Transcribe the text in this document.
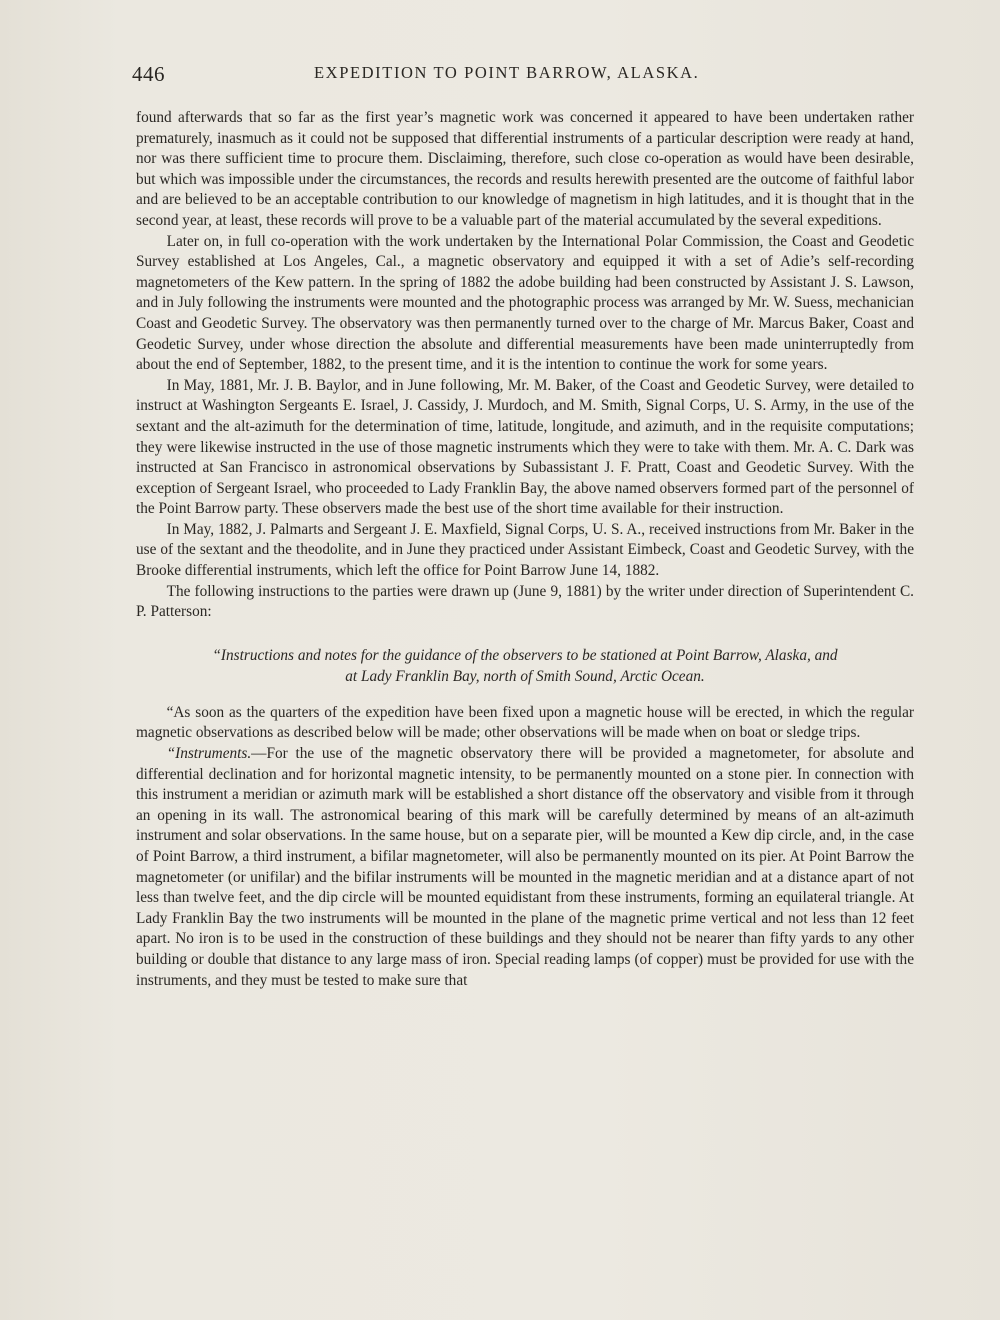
446	EXPEDITION TO POINT BARROW, ALASKA.

found afterwards that so far as the first year’s magnetic work was concerned it appeared to have been undertaken rather prematurely, inasmuch as it could not be supposed that differential instruments of a particular description were ready at hand, nor was there sufficient time to procure them. Disclaiming, therefore, such close co-operation as would have been desirable, but which was impossible under the circumstances, the records and results herewith presented are the outcome of faithful labor and are believed to be an acceptable contribution to our knowledge of magnetism in high latitudes, and it is thought that in the second year, at least, these records will prove to be a valuable part of the material accumulated by the several expeditions.

Later on, in full co-operation with the work undertaken by the International Polar Commission, the Coast and Geodetic Survey established at Los Angeles, Cal., a magnetic observatory and equipped it with a set of Adie’s self-recording magnetometers of the Kew pattern. In the spring of 1882 the adobe building had been constructed by Assistant J. S. Lawson, and in July following the instruments were mounted and the photographic process was arranged by Mr. W. Suess, mechanician Coast and Geodetic Survey. The observatory was then permanently turned over to the charge of Mr. Marcus Baker, Coast and Geodetic Survey, under whose direction the absolute and differential measurements have been made uninterruptedly from about the end of September, 1882, to the present time, and it is the intention to continue the work for some years.

In May, 1881, Mr. J. B. Baylor, and in June following, Mr. M. Baker, of the Coast and Geodetic Survey, were detailed to instruct at Washington Sergeants E. Israel, J. Cassidy, J. Murdoch, and M. Smith, Signal Corps, U. S. Army, in the use of the sextant and the alt-azimuth for the determination of time, latitude, longitude, and azimuth, and in the requisite computations; they were likewise instructed in the use of those magnetic instruments which they were to take with them. Mr. A. C. Dark was instructed at San Francisco in astronomical observations by Subassistant J. F. Pratt, Coast and Geodetic Survey. With the exception of Sergeant Israel, who proceeded to Lady Franklin Bay, the above named observers formed part of the personnel of the Point Barrow party. These observers made the best use of the short time available for their instruction.

In May, 1882, J. Palmarts and Sergeant J. E. Maxfield, Signal Corps, U. S. A., received instructions from Mr. Baker in the use of the sextant and the theodolite, and in June they practiced under Assistant Eimbeck, Coast and Geodetic Survey, with the Brooke differential instruments, which left the office for Point Barrow June 14, 1882.

The following instructions to the parties were drawn up (June 9, 1881) by the writer under direction of Superintendent C. P. Patterson:

“Instructions and notes for the guidance of the observers to be stationed at Point Barrow, Alaska, and
at Lady Franklin Bay, north of Smith Sound, Arctic Ocean.

“As soon as the quarters of the expedition have been fixed upon a magnetic house will be erected, in which the regular magnetic observations as described below will be made; other observations will be made when on boat or sledge trips.

“Instruments.—For the use of the magnetic observatory there will be provided a magnetometer, for absolute and differential declination and for horizontal magnetic intensity, to be permanently mounted on a stone pier. In connection with this instrument a meridian or azimuth mark will be established a short distance off the observatory and visible from it through an opening in its wall. The astronomical bearing of this mark will be carefully determined by means of an alt-azimuth instrument and solar observations. In the same house, but on a separate pier, will be mounted a Kew dip circle, and, in the case of Point Barrow, a third instrument, a bifilar magnetometer, will also be permanently mounted on its pier. At Point Barrow the magnetometer (or unifilar) and the bifilar instruments will be mounted in the magnetic meridian and at a distance apart of not less than twelve feet, and the dip circle will be mounted equidistant from these instruments, forming an equilateral triangle. At Lady Franklin Bay the two instruments will be mounted in the plane of the magnetic prime vertical and not less than 12 feet apart. No iron is to be used in the construction of these buildings and they should not be nearer than fifty yards to any other building or double that distance to any large mass of iron. Special reading lamps (of copper) must be provided for use with the instruments, and they must be tested to make sure that
